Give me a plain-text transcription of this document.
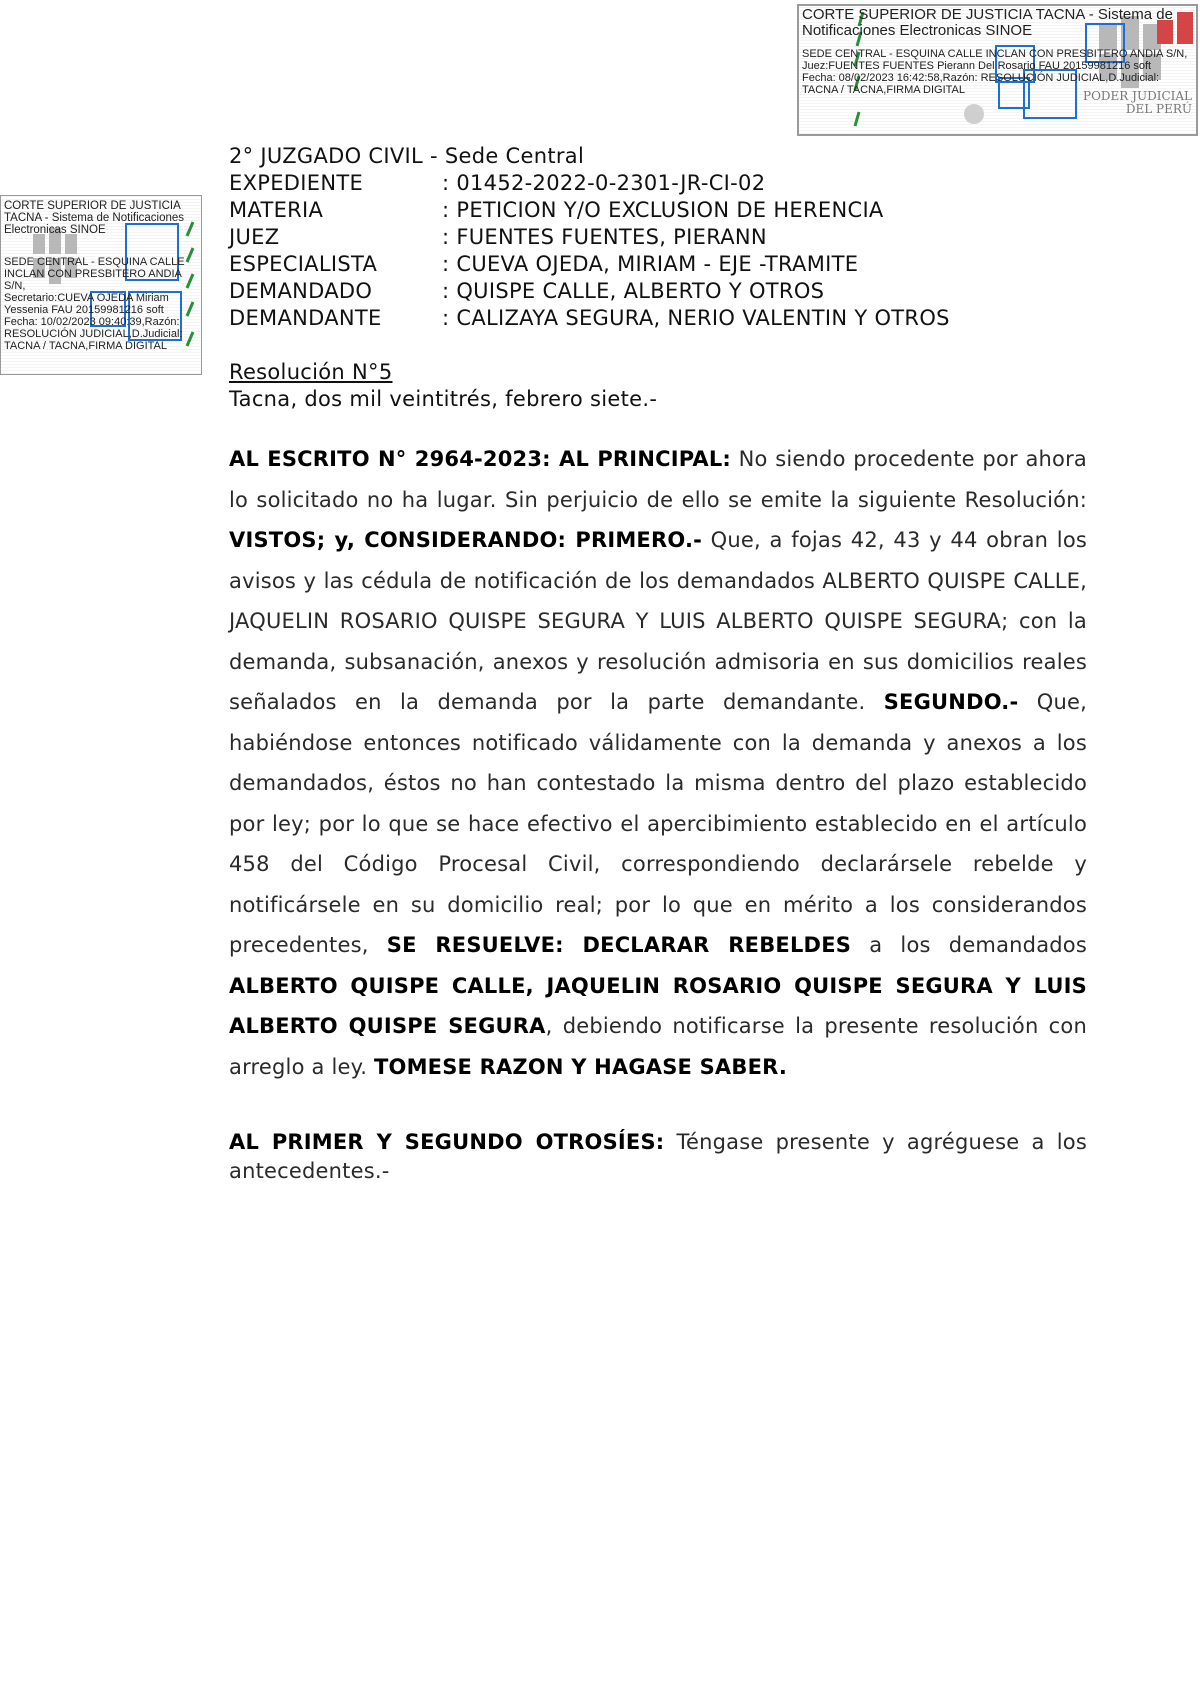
CORTE SUPERIOR DE JUSTICIA TACNA - Sistema de Notificaciones Electronicas SINOE
SEDE CENTRAL - ESQUINA CALLE INCLAN CON PRESBITERO ANDIA S/N,
Juez:FUENTES FUENTES Pierann Del Rosario FAU 20159981216 soft
Fecha: 08/02/2023 16:42:58,Razón: RESOLUCIÓN JUDICIAL,D.Judicial: TACNA / TACNA,FIRMA DIGITAL	PODER JUDICIAL
DEL PERÚ
CORTE SUPERIOR DE JUSTICIA TACNA - Sistema de Notificaciones Electronicas SINOE
SEDE CENTRAL - ESQUINA CALLE INCLAN CON PRESBITERO ANDIA S/N,
Secretario:CUEVA OJEDA Miriam Yessenia FAU 20159981216 soft
Fecha: 10/02/2023 09:40:39,Razón: RESOLUCIÓN JUDICIAL,D.Judicial: TACNA / TACNA,FIRMA DIGITAL
2° JUZGADO CIVIL - Sede Central
EXPEDIENTE	: 01452-2022-0-2301-JR-CI-02
MATERIA	: PETICION Y/O EXCLUSION DE HERENCIA
JUEZ	: FUENTES FUENTES, PIERANN
ESPECIALISTA	: CUEVA OJEDA, MIRIAM - EJE -TRAMITE
DEMANDADO	: QUISPE CALLE, ALBERTO Y OTROS
DEMANDANTE	: CALIZAYA SEGURA, NERIO VALENTIN Y OTROS
Resolución N°5
Tacna, dos mil veintitrés, febrero siete.-
AL ESCRITO N° 2964-2023: AL PRINCIPAL: No siendo procedente por ahora lo solicitado no ha lugar. Sin perjuicio de ello se emite la siguiente Resolución: VISTOS; y, CONSIDERANDO: PRIMERO.- Que, a fojas 42, 43 y 44 obran los avisos y las cédula de notificación de los demandados ALBERTO QUISPE CALLE, JAQUELIN ROSARIO QUISPE SEGURA Y LUIS ALBERTO QUISPE SEGURA; con la demanda, subsanación, anexos y resolución admisoria en sus domicilios reales señalados en la demanda por la parte demandante. SEGUNDO.- Que, habiéndose entonces notificado válidamente con la demanda y anexos a los demandados, éstos no han contestado la misma dentro del plazo establecido por ley; por lo que se hace efectivo el apercibimiento establecido en el artículo 458 del Código Procesal Civil, correspondiendo declarársele rebelde y notificársele en su domicilio real; por lo que en mérito a los considerandos precedentes, SE RESUELVE: DECLARAR REBELDES a los demandados ALBERTO QUISPE CALLE, JAQUELIN ROSARIO QUISPE SEGURA Y LUIS ALBERTO QUISPE SEGURA, debiendo notificarse la presente resolución con arreglo a ley. TOMESE RAZON Y HAGASE SABER.
AL PRIMER Y SEGUNDO OTROSÍES: Téngase presente y agréguese a los antecedentes.-
